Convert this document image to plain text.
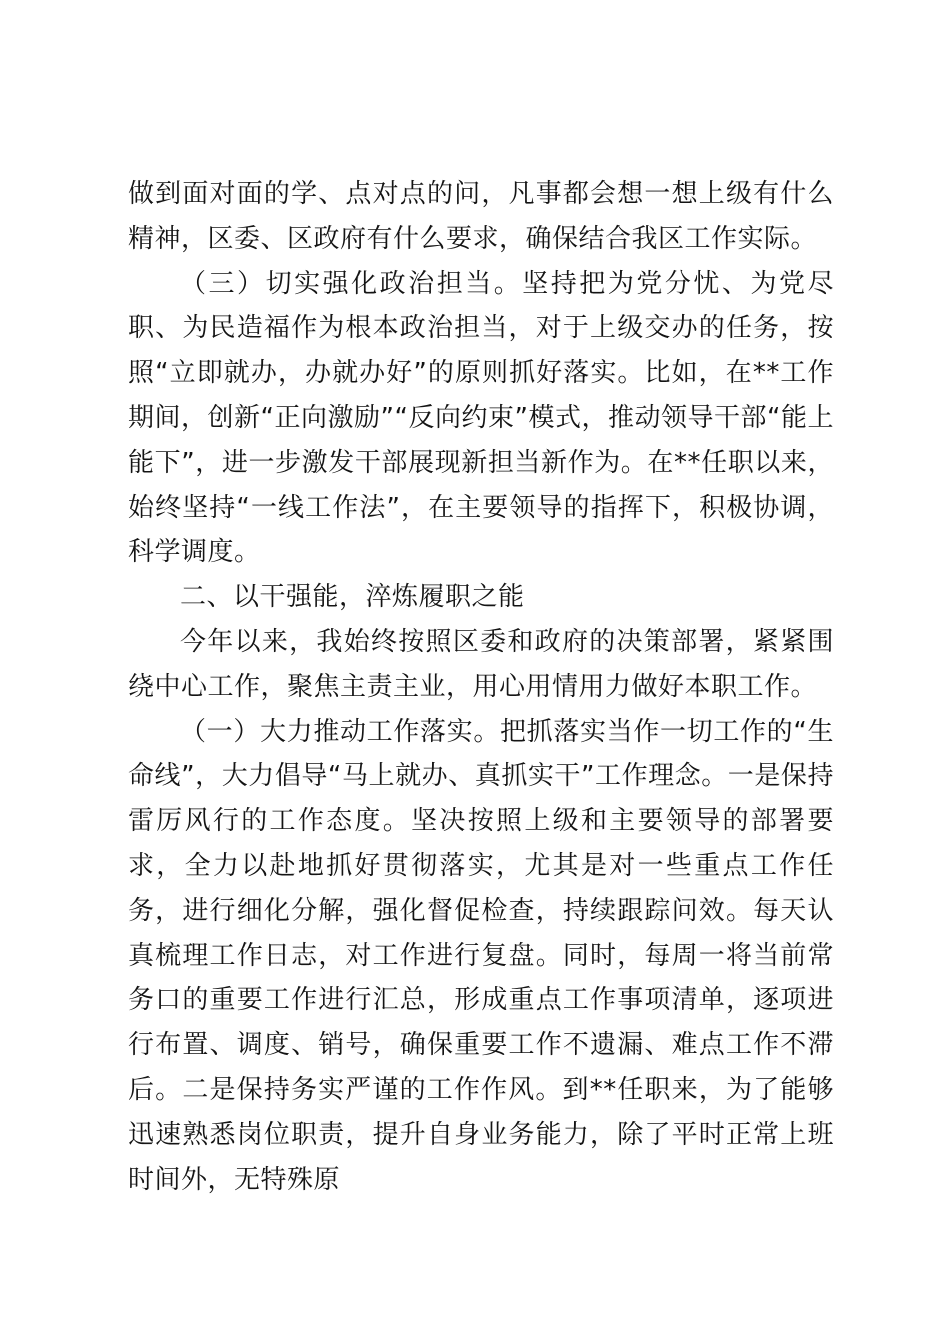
做到面对面的学、点对点的问，凡事都会想一想上级有什么精神，区委、区政府有什么要求，确保结合我区工作实际。

（三）切实强化政治担当。坚持把为党分忧、为党尽职、为民造福作为根本政治担当，对于上级交办的任务，按照“立即就办，办就办好”的原则抓好落实。比如，在**工作期间，创新“正向激励”“反向约束”模式，推动领导干部“能上能下”，进一步激发干部展现新担当新作为。在**任职以来，始终坚持“一线工作法”，在主要领导的指挥下，积极协调，科学调度。

二、以干强能，淬炼履职之能

今年以来，我始终按照区委和政府的决策部署，紧紧围绕中心工作，聚焦主责主业，用心用情用力做好本职工作。

（一）大力推动工作落实。把抓落实当作一切工作的“生命线”，大力倡导“马上就办、真抓实干”工作理念。一是保持雷厉风行的工作态度。坚决按照上级和主要领导的部署要求，全力以赴地抓好贯彻落实，尤其是对一些重点工作任务，进行细化分解，强化督促检查，持续跟踪问效。每天认真梳理工作日志，对工作进行复盘。同时，每周一将当前常务口的重要工作进行汇总，形成重点工作事项清单，逐项进行布置、调度、销号，确保重要工作不遗漏、难点工作不滞后。二是保持务实严谨的工作作风。到**任职来，为了能够迅速熟悉岗位职责，提升自身业务能力，除了平时正常上班时间外，无特殊原
